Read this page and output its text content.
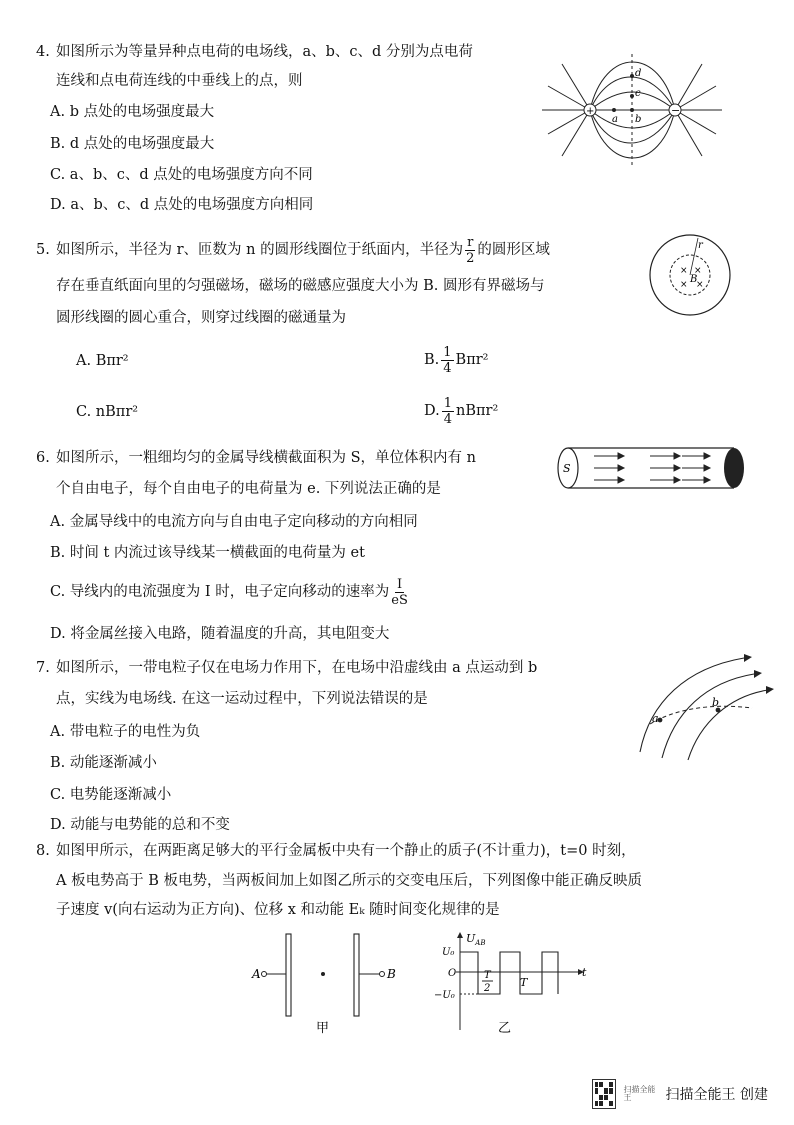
4. 如图所示为等量异种点电荷的电场线，a、b、c、d 分别为点电荷
连线和点电荷连线的中垂线上的点，则
A. b 点处的电场强度最大
B. d 点处的电场强度最大
C. a、b、c、d 点处的电场强度方向不同
D. a、b、c、d 点处的电场强度方向相同
+	−
d
c
a b
5. 如图所示，半径为 r、匝数为 n 的圆形线圈位于纸面内，半径为 $\frac{r}{2}$ 的圆形区域
存在垂直纸面向里的匀强磁场，磁场的磁感应强度大小为 B. 圆形有界磁场与
圆形线圈的圆心重合，则穿过线圈的磁通量为
A. Bπr²	B. $\frac{1}{4} B\pi r^2$
C. nBπr²	D. $\frac{1}{4} nB\pi r^2$
r
× ×
× ×
B
6. 如图所示，一粗细均匀的金属导线横截面积为 S，单位体积内有 n
个自由电子，每个自由电子的电荷量为 e. 下列说法正确的是
A. 金属导线中的电流方向与自由电子定向移动的方向相同
B. 时间 t 内流过该导线某一横截面的电荷量为 et
C. 导线内的电流强度为 I 时，电子定向移动的速率为 $\frac{I}{eS}$
D. 将金属丝接入电路，随着温度的升高，其电阻变大
S
7. 如图所示，一带电粒子仅在电场力作用下，在电场中沿虚线由 a 点运动到 b
点，实线为电场线. 在这一运动过程中，下列说法错误的是
A. 带电粒子的电性为负
B. 动能逐渐减小
C. 电势能逐渐减小
D. 动能与电势能的总和不变
a
b
8. 如图甲所示，在两距离足够大的平行金属板中央有一个静止的质子(不计重力)，t=0 时刻，
A 板电势高于 B 板电势，当两板间加上如图乙所示的交变电压后，下列图像中能正确反映质
子速度 v(向右运动为正方向)、位移 x 和动能 Eₖ 随时间变化规律的是
A	B
甲
$U_{AB}$
U₀
O
−U₀
t
T
2	T
乙
扫描全能王	扫描全能王 创建
